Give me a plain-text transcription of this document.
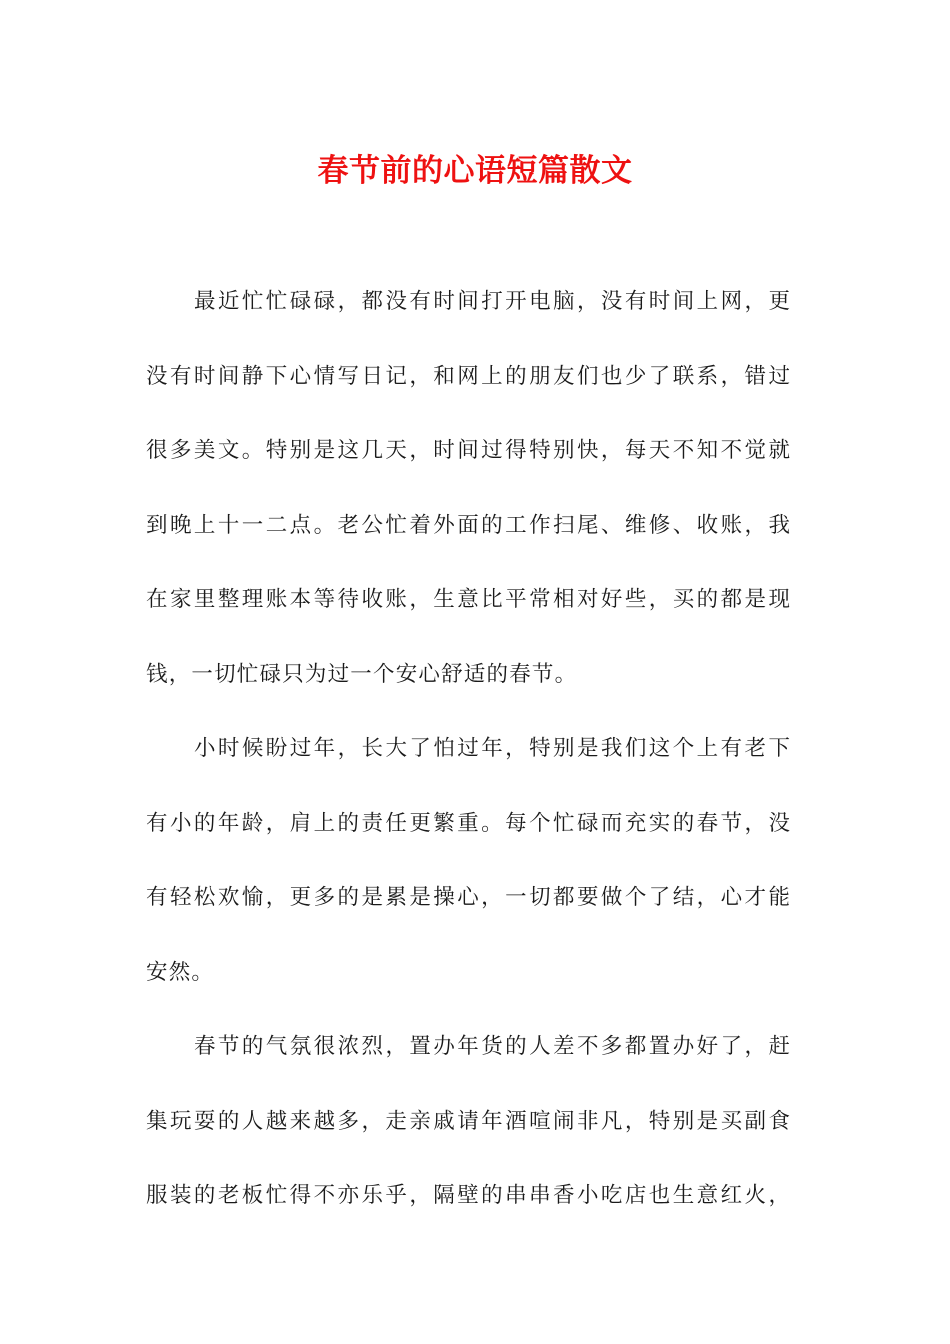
春节前的心语短篇散文
最近忙忙碌碌，都没有时间打开电脑，没有时间上网，更
没有时间静下心情写日记，和网上的朋友们也少了联系，错过
很多美文。特别是这几天，时间过得特别快，每天不知不觉就
到晚上十一二点。老公忙着外面的工作扫尾、维修、收账，我
在家里整理账本等待收账，生意比平常相对好些，买的都是现
钱，一切忙碌只为过一个安心舒适的春节。
小时候盼过年，长大了怕过年，特别是我们这个上有老下
有小的年龄，肩上的责任更繁重。每个忙碌而充实的春节，没
有轻松欢愉，更多的是累是操心，一切都要做个了结，心才能
安然。
春节的气氛很浓烈，置办年货的人差不多都置办好了，赶
集玩耍的人越来越多，走亲戚请年酒喧闹非凡，特别是买副食
服装的老板忙得不亦乐乎，隔壁的串串香小吃店也生意红火，
